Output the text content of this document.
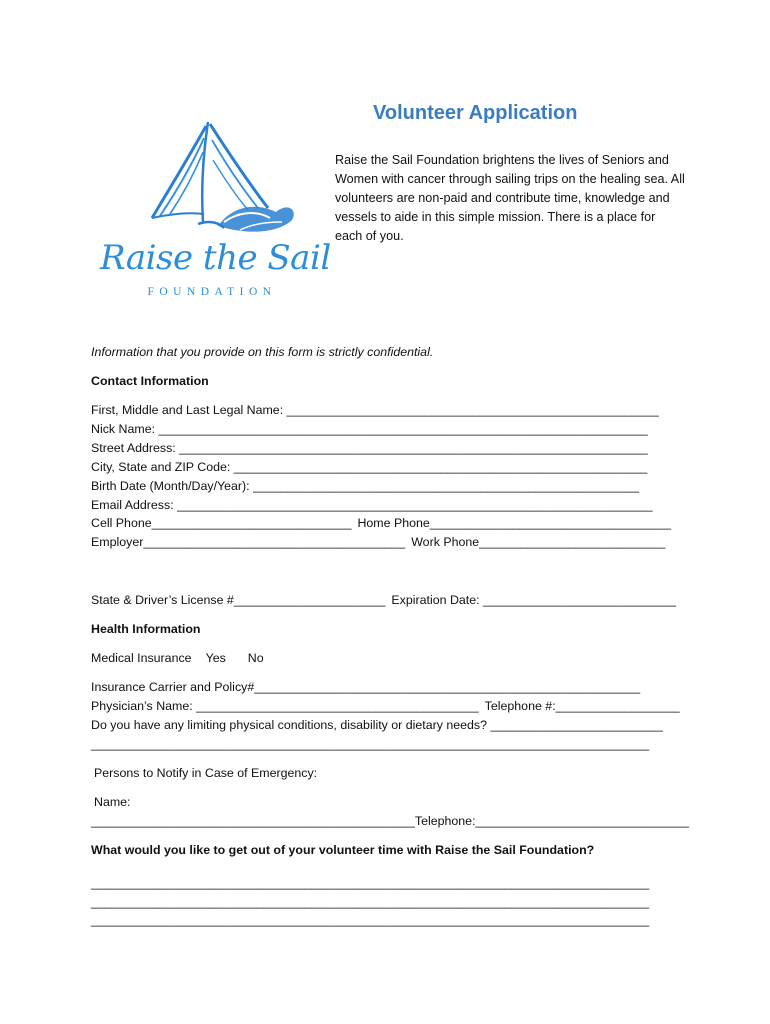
Raise the Sail
FOUNDATION
Volunteer Application
Raise the Sail Foundation brightens the lives of Seniors and Women with cancer through sailing trips on the healing sea. All volunteers are non-paid and contribute time, knowledge and vessels to aide in this simple mission. There is a place for each of you.
Information that you provide on this form is strictly confidential.
Contact Information
First, Middle and Last Legal Name: ______________________________________________________
Nick Name: _______________________________________________________________________
Street Address: ____________________________________________________________________
City, State and ZIP Code: ____________________________________________________________
Birth Date (Month/Day/Year): ________________________________________________________
Email Address: _____________________________________________________________________
Cell Phone_____________________________ Home Phone___________________________________
Employer______________________________________ Work Phone___________________________
State & Driver’s License #______________________ Expiration Date: ____________________________
Health Information
Medical Insurance Yes No
Insurance Carrier and Policy#________________________________________________________
Physician’s Name: _________________________________________ Telephone #:__________________
Do you have any limiting physical conditions, disability or dietary needs? _________________________
_________________________________________________________________________________
Persons to Notify in Case of Emergency:
Name:
_______________________________________________Telephone:_______________________________
What would you like to get out of your volunteer time with Raise the Sail Foundation?
_________________________________________________________________________________
_________________________________________________________________________________
_________________________________________________________________________________
